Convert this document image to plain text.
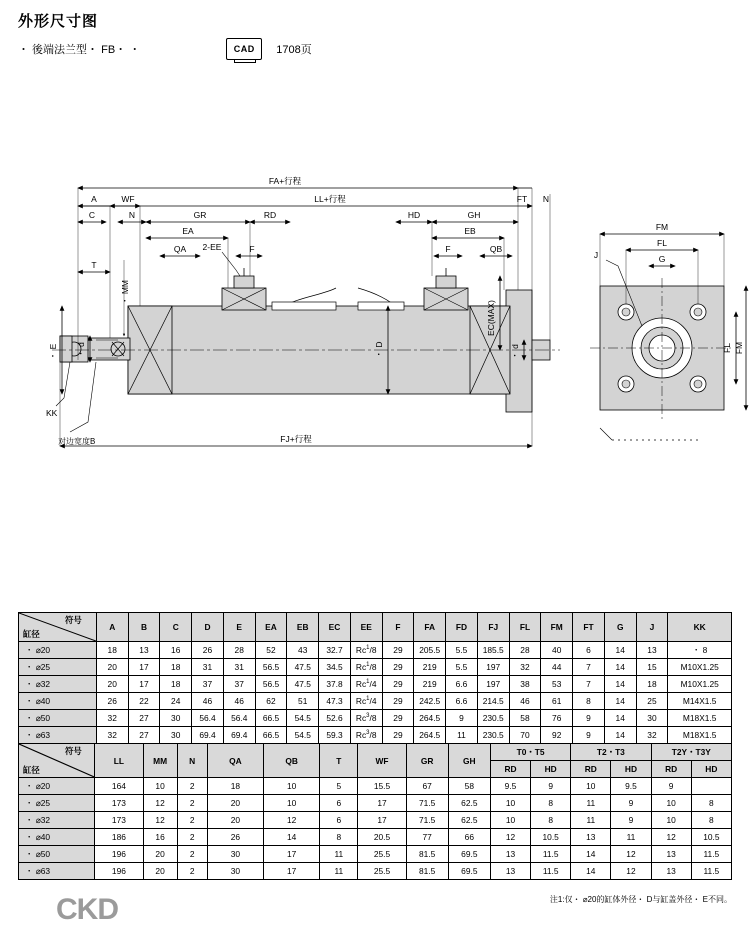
外形尺寸图
・ 後端法兰型・ FB・ ・	CAD	1708页
FA+行程
LL+行程
A	WF
C	N	GR	RD	HD	GH
FT N
EA	EB
QA	F	F	QB
2-EE
T
・ MM
・ E ・ d	・ D
EC(MAX)
・ d
FJ+行程
KK
对边宽度B
FM
FL
G
J
FL FM
符号
缸径	A	B	C	D	E	EA	EB	EC	EE	F	FA	FD	FJ	FL	FM	FT	G	J	KK
・ ⌀20	18	13	16	26	28	52	43	32.7	Rc$^1$/8	29	205.5	5.5	185.5	28	40	6	14	13	・ 8
・ ⌀25	20	17	18	31	31	56.5	47.5	34.5	Rc$^1$/8	29	219	5.5	197	32	44	7	14	15	M10X1.25
・ ⌀32	20	17	18	37	37	56.5	47.5	37.8	Rc$^1$/4	29	219	6.6	197	38	53	7	14	18	M10X1.25
・ ⌀40	26	22	24	46	46	62	51	47.3	Rc$^1$/4	29	242.5	6.6	214.5	46	61	8	14	25	M14X1.5
・ ⌀50	32	27	30	56.4	56.4	66.5	54.5	52.6	Rc$^3$/8	29	264.5	9	230.5	58	76	9	14	30	M18X1.5
・ ⌀63	32	27	30	69.4	69.4	66.5	54.5	59.3	Rc$^3$/8	29	264.5	11	230.5	70	92	9	14	32	M18X1.5
符号
缸径	LL	MM	N	QA	QB	T	WF	GR	GH	T0・T5		T2・T3		T2Y・T3Y	
										RD	HD	RD	HD	RD	HD
・ ⌀20	164	10	2	18	10	5	15.5	67	58	9.5	9	10	9.5	9	
・ ⌀25	173	12	2	20	10	6	17	71.5	62.5	10	8	11	9	10	8
・ ⌀32	173	12	2	20	12	6	17	71.5	62.5	10	8	11	9	10	8
・ ⌀40	186	16	2	26	14	8	20.5	77	66	12	10.5	13	11	12	10.5
・ ⌀50	196	20	2	30	17	11	25.5	81.5	69.5	13	11.5	14	12	13	11.5
・ ⌀63	196	20	2	30	17	11	25.5	81.5	69.5	13	11.5	14	12	13	11.5
注1:仅・ ⌀20的缸体外径・ D与缸盖外径・ E不同。
CKD
